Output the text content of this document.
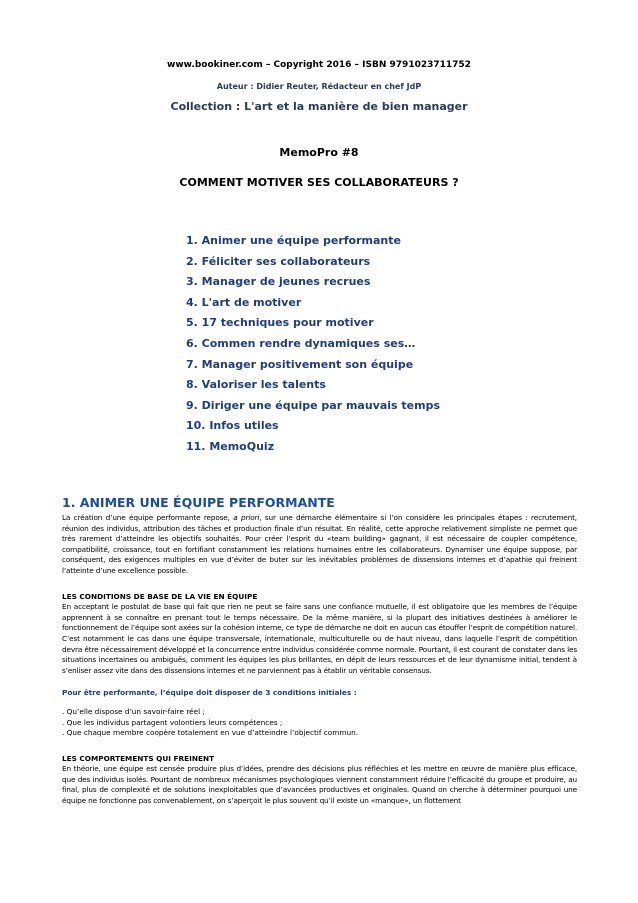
www.bookiner.com – Copyright 2016 – ISBN 9791023711752
Auteur : Didier Reuter, Rédacteur en chef JdP
Collection : L'art et la manière de bien manager
MemoPro #8
COMMENT MOTIVER SES COLLABORATEURS ?
1. Animer une équipe performante
2. Féliciter ses collaborateurs
3. Manager de jeunes recrues
4. L'art de motiver
5. 17 techniques pour motiver
6. Commen rendre dynamiques ses…
7. Manager positivement son équipe
8. Valoriser les talents
9. Diriger une équipe par mauvais temps
10. Infos utiles
11. MemoQuiz
1. ANIMER UNE ÉQUIPE PERFORMANTE

La création d’une équipe performante repose, a priori, sur une démarche élémentaire si l’on considère les principales étapes : recrutement, réunion des individus, attribution des tâches et production finale d’un résultat. En réalité, cette approche relativement simpliste ne permet que très rarement d’atteindre les objectifs souhaités. Pour créer l’esprit du «team building» gagnant, il est nécessaire de coupler compétence, compatibilité, croissance, tout en fortifiant constamment les relations humaines entre les collaborateurs. Dynamiser une équipe suppose, par conséquent, des exigences multiples en vue d’éviter de buter sur les inévitables problèmes de dissensions internes et d’apathie qui freinent l’atteinte d’une excellence possible.

LES CONDITIONS DE BASE DE LA VIE EN ÉQUIPE

En acceptant le postulat de base qui fait que rien ne peut se faire sans une confiance mutuelle, il est obligatoire que les membres de l’équipe apprennent à se connaître en prenant tout le temps nécessaire. De la même manière, si la plupart des initiatives destinées à améliorer le fonctionnement de l’équipe sont axées sur la cohésion interne, ce type de démarche ne doit en aucun cas étouffer l’esprit de compétition naturel. C’est notamment le cas dans une équipe transversale, internationale, multiculturelle ou de haut niveau, dans laquelle l’esprit de compétition devra être nécessairement développé et la concurrence entre individus considérée comme normale. Pourtant, il est courant de constater dans les situations incertaines ou ambiguës, comment les équipes les plus brillantes, en dépit de leurs ressources et de leur dynamisme initial, tendent à s’enliser assez vite dans des dissensions internes et ne parviennent pas à établir un véritable consensus.

Pour être performante, l’équipe doit disposer de 3 conditions initiales :
. Qu’elle dispose d’un savoir-faire réel ;
. Que les individus partagent volontiers leurs compétences ;
. Que chaque membre coopère totalement en vue d’atteindre l’objectif commun.
LES COMPORTEMENTS QUI FREINENT

En théorie, une équipe est censée produire plus d’idées, prendre des décisions plus réfléchies et les mettre en œuvre de manière plus efficace, que des individus isolés. Pourtant de nombreux mécanismes psychologiques viennent constamment réduire l’efficacité du groupe et produire, au final, plus de complexité et de solutions inexploitables que d’avancées productives et originales. Quand on cherche à déterminer pourquoi une équipe ne fonctionne pas convenablement, on s’aperçoit le plus souvent qu’il existe un «manque», un flottement
